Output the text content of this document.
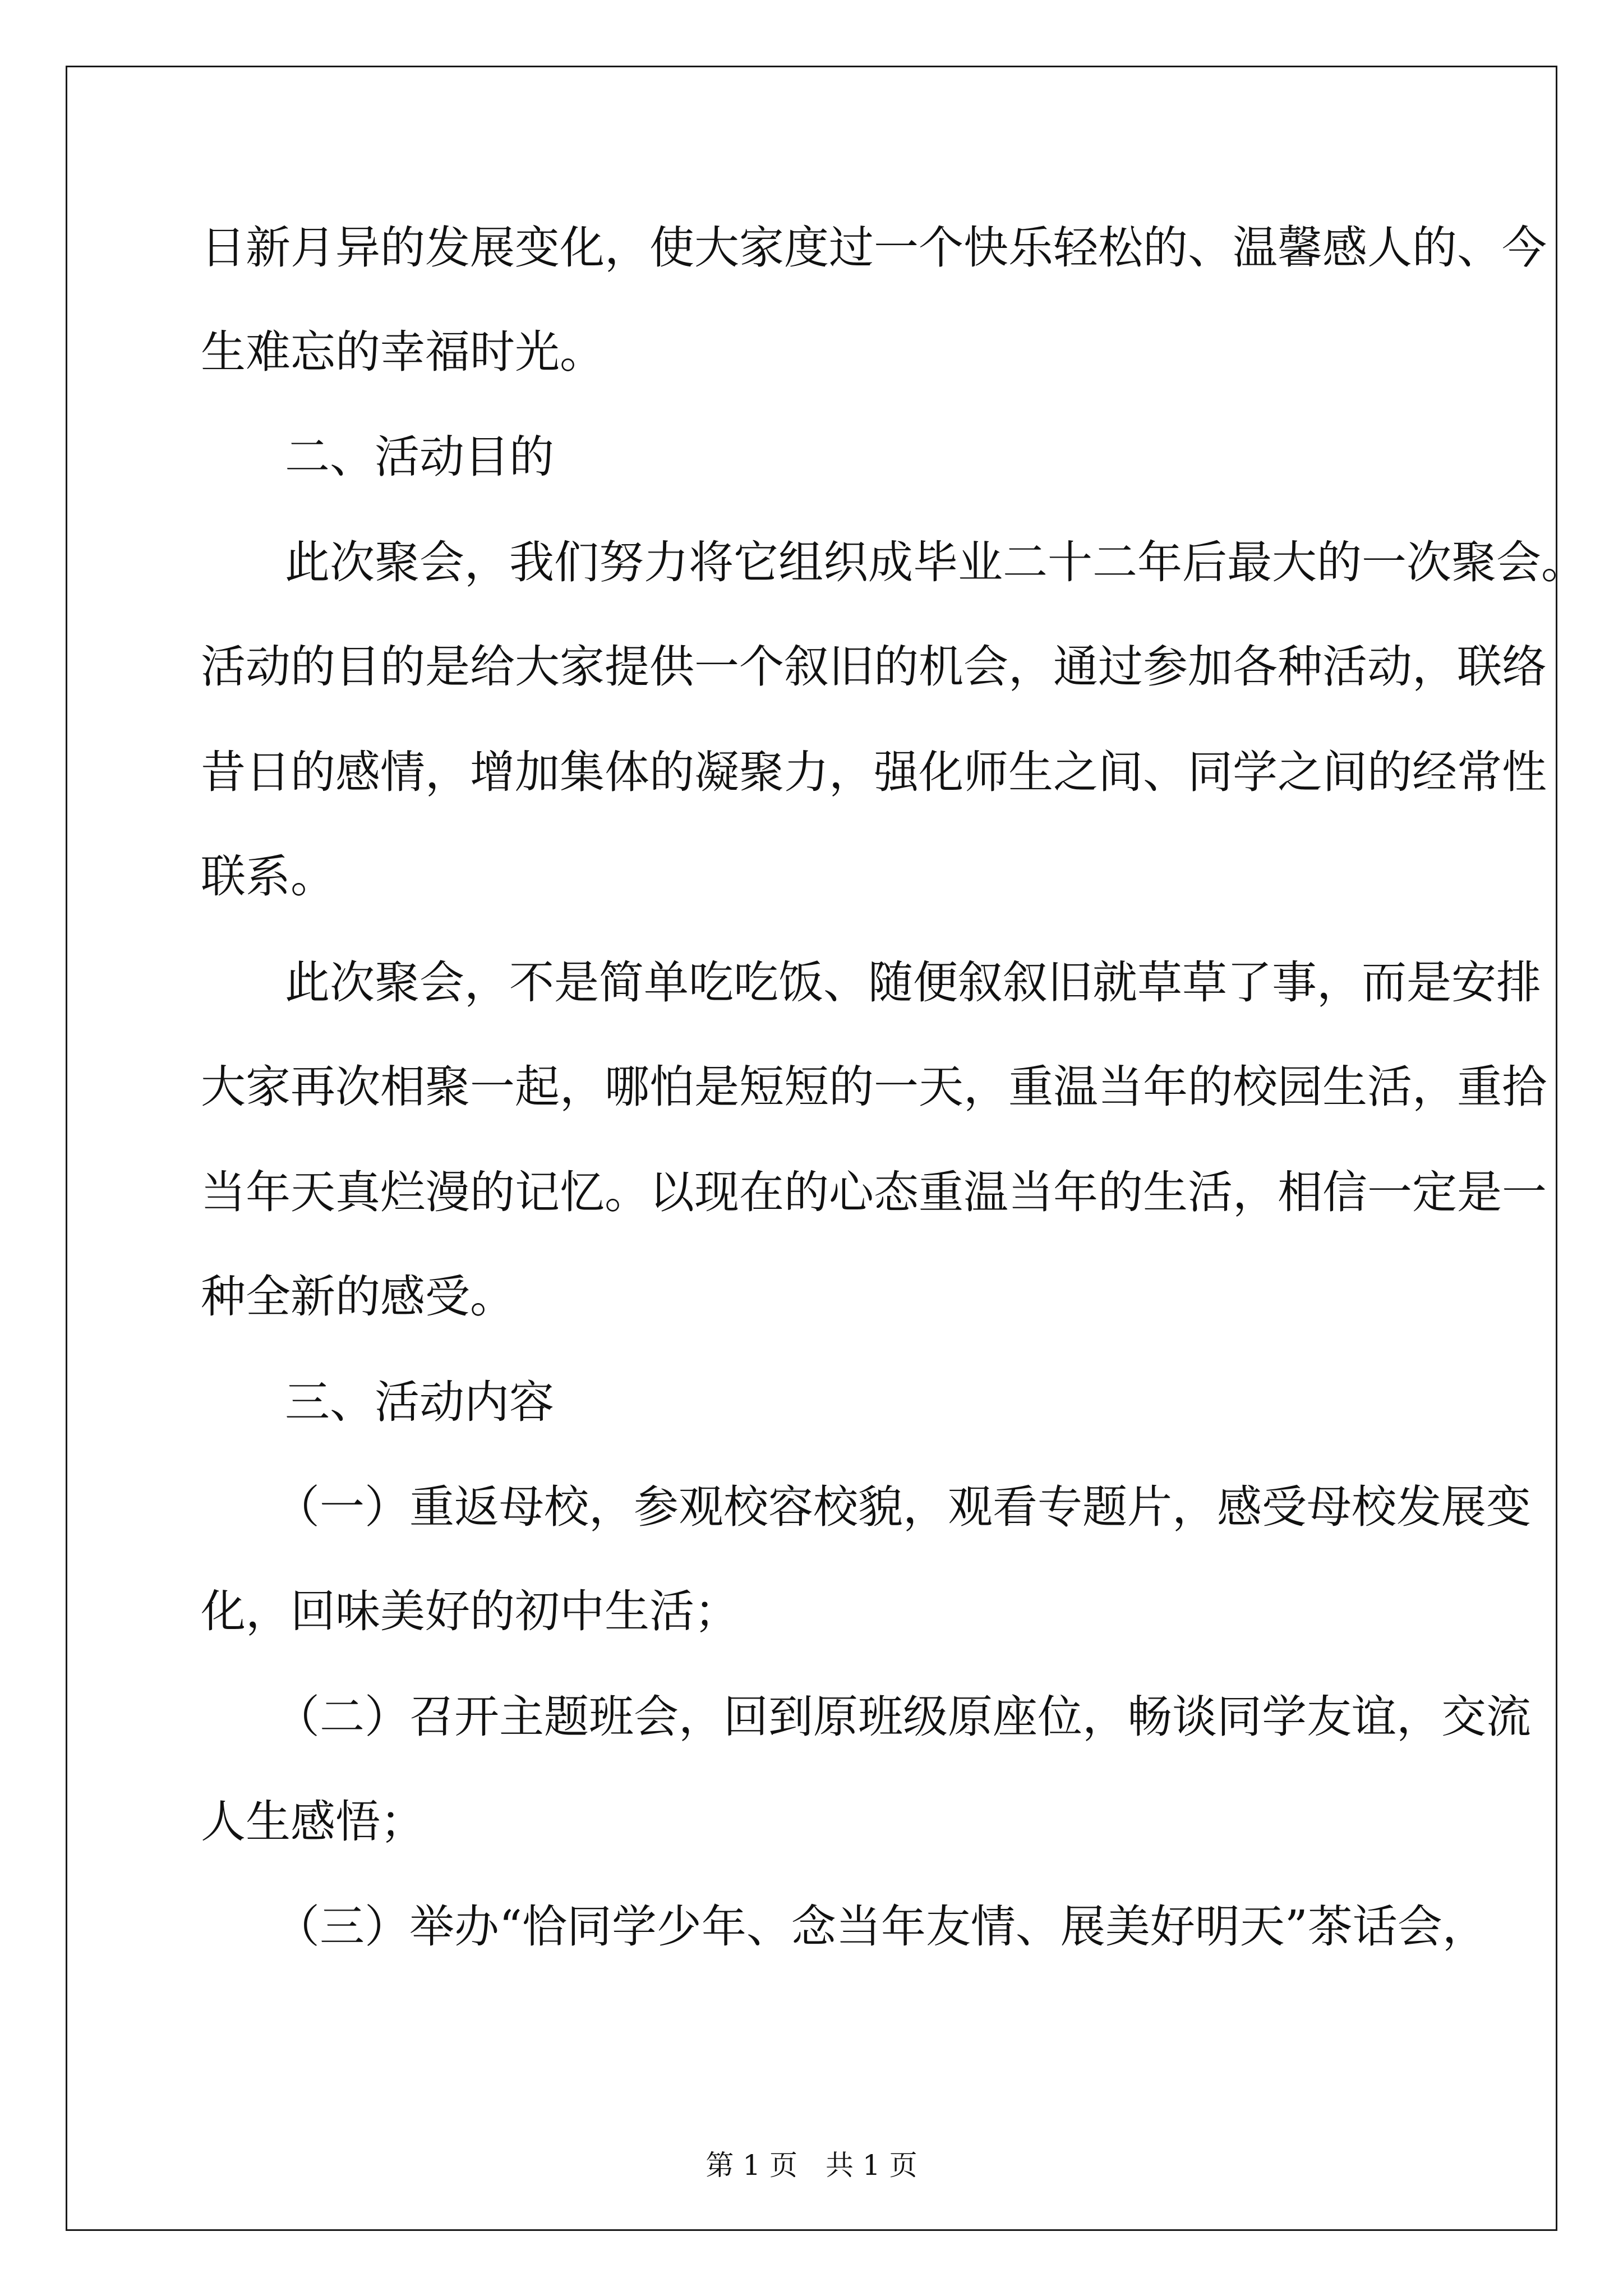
日新月异的发展变化，使大家度过一个快乐轻松的、温馨感人的、今
生难忘的幸福时光。
二、活动目的
此次聚会，我们努力将它组织成毕业二十二年后最大的一次聚会。
活动的目的是给大家提供一个叙旧的机会，通过参加各种活动，联络
昔日的感情，增加集体的凝聚力，强化师生之间、同学之间的经常性
联系。
此次聚会，不是简单吃吃饭、随便叙叙旧就草草了事，而是安排
大家再次相聚一起，哪怕是短短的一天，重温当年的校园生活，重拾
当年天真烂漫的记忆。以现在的心态重温当年的生活，相信一定是一
种全新的感受。
三、活动内容
（一）重返母校，参观校容校貌，观看专题片，感受母校发展变
化，回味美好的初中生活；
（二）召开主题班会，回到原班级原座位，畅谈同学友谊，交流
人生感悟；
（三）举办“恰同学少年、念当年友情、展美好明天”茶话会，
第 1 页　共 1 页
